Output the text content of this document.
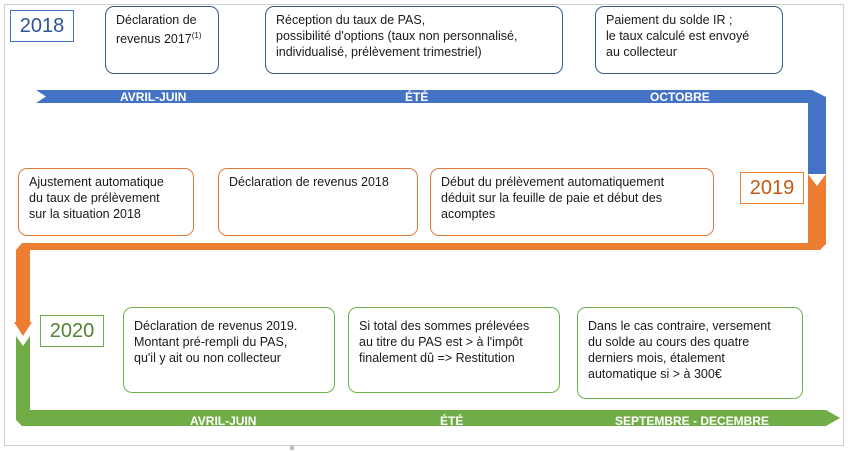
2018
2019
2020
Déclaration de
revenus 2017$^{(1)}$
Réception du taux de PAS,
possibilité d'options (taux non personnalisé,
individualisé, prélèvement trimestriel)
Paiement du solde IR ;
le taux calculé est envoyé
au collecteur
AVRIL-JUIN	ÉTÉ	OCTOBRE
Ajustement automatique
du taux de prélèvement
sur la situation 2018
Déclaration de revenus 2018	Début du prélèvement automatiquement
déduit sur la feuille de paie et début des
acomptes
SEPTEMBRE	AVRIL-JUIN	JANVIER
Déclaration de revenus 2019.
Montant pré-rempli du PAS,
qu'il y ait ou non collecteur
Si total des sommes prélevées
au titre du PAS est > à l'impôt
finalement dû => Restitution
Dans le cas contraire, versement
du solde au cours des quatre
derniers mois, étalement
automatique si > à 300€
AVRIL-JUIN	ÉTÉ	SEPTEMBRE - DECEMBRE
